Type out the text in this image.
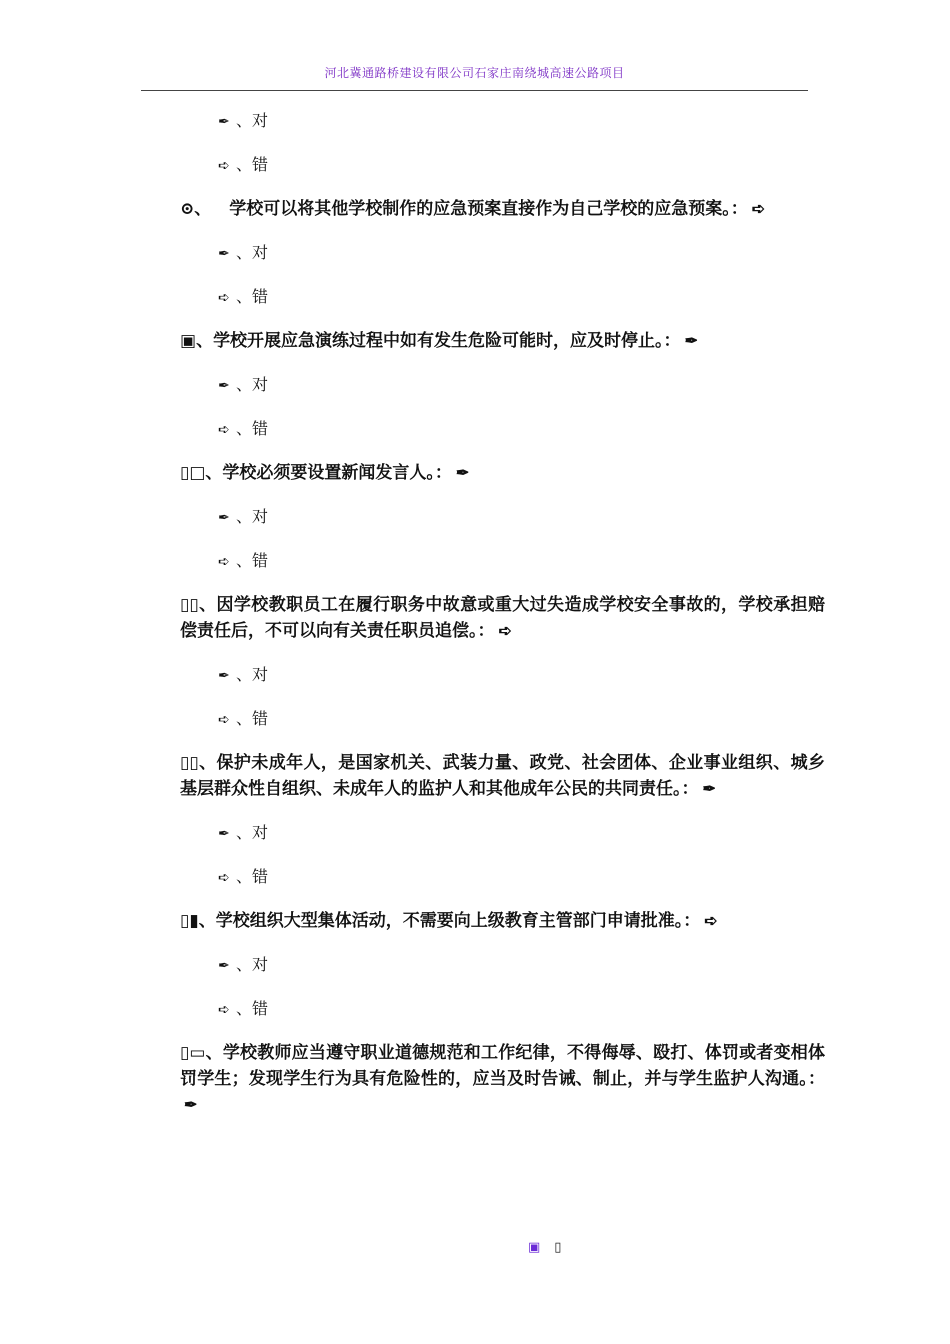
河北冀通路桥建设有限公司石家庄南绕城高速公路项目
✒ 、对
➪ 、错
⊙、 学校可以将其他学校制作的应急预案直接作为自己学校的应急预案。： ➪
✒ 、对
➪ 、错
▣、学校开展应急演练过程中如有发生危险可能时，应及时停止。： ✒
✒ 、对
➪ 、错
▯□、学校必须要设置新闻发言人。： ✒
✒ 、对
➪ 、错
▯▯、因学校教职员工在履行职务中故意或重大过失造成学校安全事故的，学校承担赔偿责任后，不可以向有关责任职员追偿。： ➪
✒ 、对
➪ 、错
▯▯、保护未成年人，是国家机关、武装力量、政党、社会团体、企业事业组织、城乡基层群众性自组织、未成年人的监护人和其他成年公民的共同责任。： ✒
✒ 、对
➪ 、错
▯▮、学校组织大型集体活动，不需要向上级教育主管部门申请批准。： ➪
✒ 、对
➪ 、错
▯▭、学校教师应当遵守职业道德规范和工作纪律，不得侮辱、殴打、体罚或者变相体罚学生；发现学生行为具有危险性的，应当及时告诫、制止，并与学生监护人沟通。：✒
▣ ▯
